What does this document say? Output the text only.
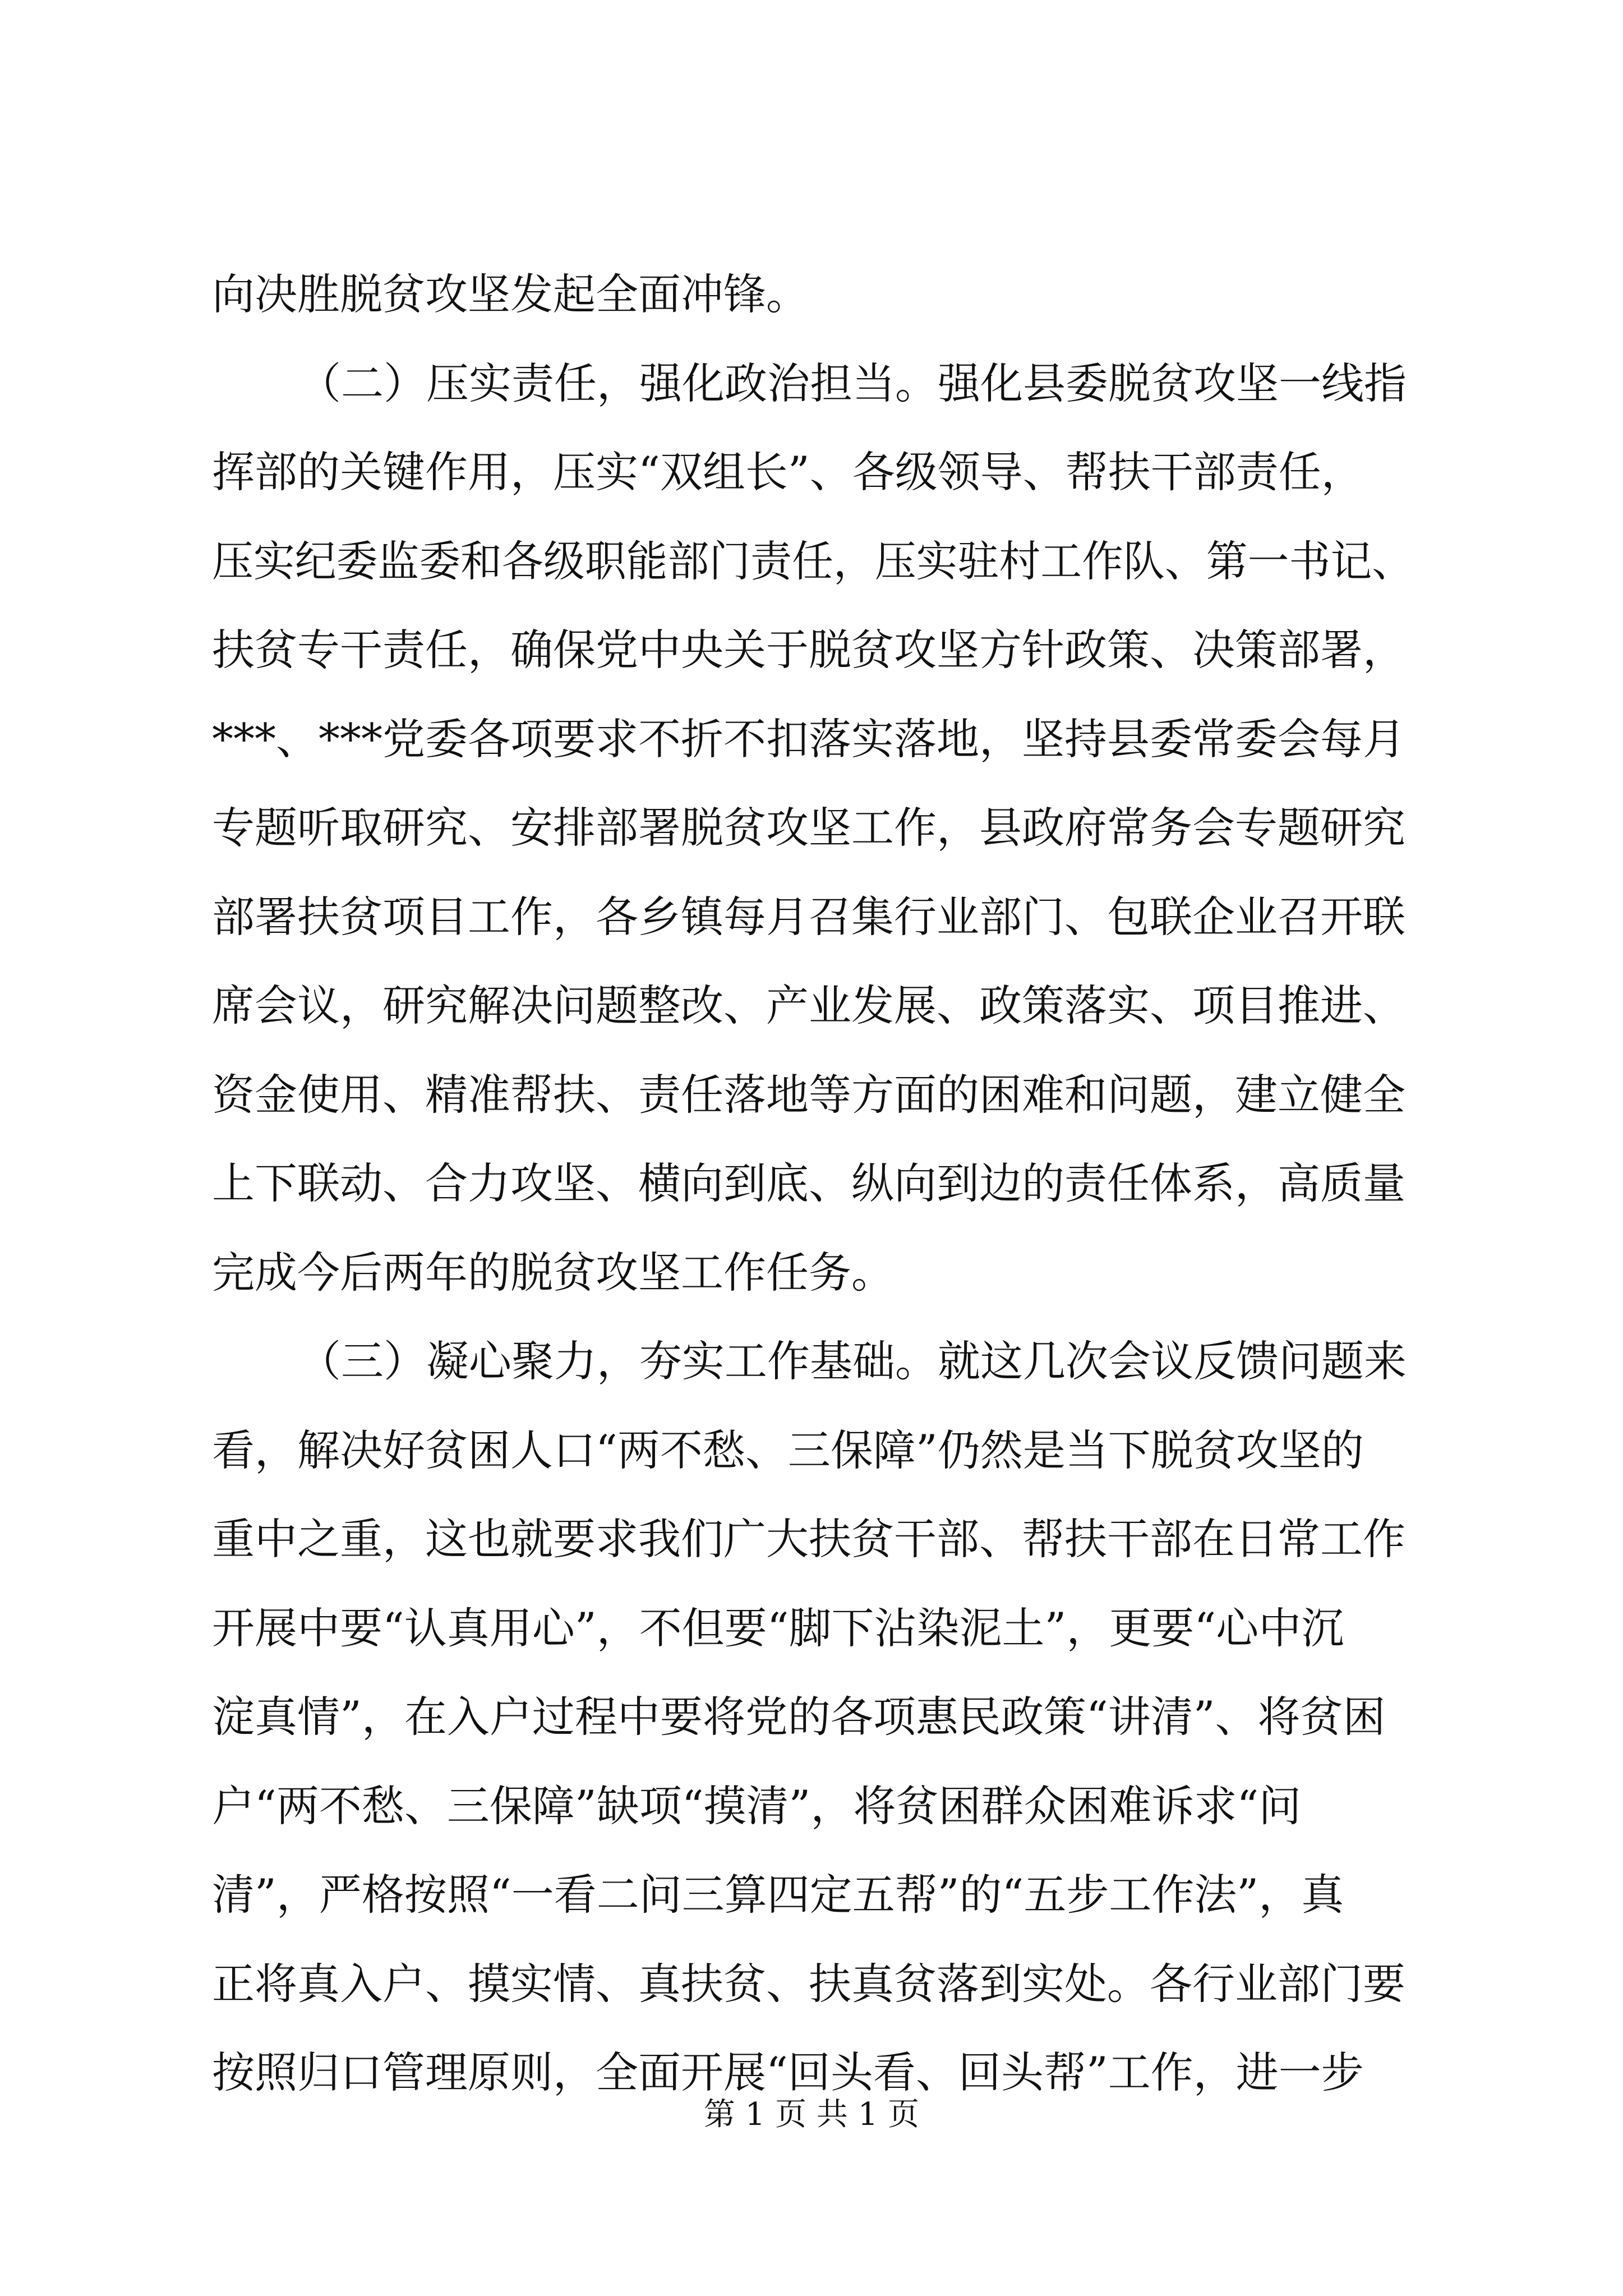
向决胜脱贫攻坚发起全面冲锋。
（二）压实责任，强化政治担当。强化县委脱贫攻坚一线指
挥部的关键作用，压实“双组长”、各级领导、帮扶干部责任，
压实纪委监委和各级职能部门责任，压实驻村工作队、第一书记、
扶贫专干责任，确保党中央关于脱贫攻坚方针政策、决策部署，
***、***党委各项要求不折不扣落实落地，坚持县委常委会每月
专题听取研究、安排部署脱贫攻坚工作，县政府常务会专题研究
部署扶贫项目工作，各乡镇每月召集行业部门、包联企业召开联
席会议，研究解决问题整改、产业发展、政策落实、项目推进、
资金使用、精准帮扶、责任落地等方面的困难和问题，建立健全
上下联动、合力攻坚、横向到底、纵向到边的责任体系，高质量
完成今后两年的脱贫攻坚工作任务。
（三）凝心聚力，夯实工作基础。就这几次会议反馈问题来
看，解决好贫困人口“两不愁、三保障”仍然是当下脱贫攻坚的
重中之重，这也就要求我们广大扶贫干部、帮扶干部在日常工作
开展中要“认真用心”，不但要“脚下沾染泥土”，更要“心中沉
淀真情”，在入户过程中要将党的各项惠民政策“讲清”、将贫困
户“两不愁、三保障”缺项“摸清”，将贫困群众困难诉求“问
清”，严格按照“一看二问三算四定五帮”的“五步工作法”，真
正将真入户、摸实情、真扶贫、扶真贫落到实处。各行业部门要
按照归口管理原则，全面开展“回头看、回头帮”工作，进一步
第 1 页 共 1 页
